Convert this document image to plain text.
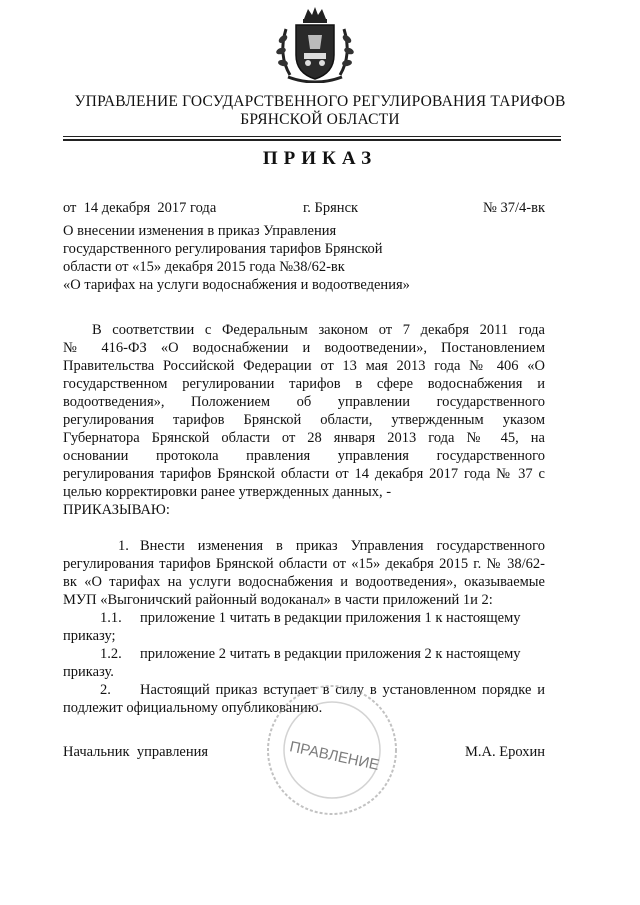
УПРАВЛЕНИЕ ГОСУДАРСТВЕННОГО РЕГУЛИРОВАНИЯ ТАРИФОВ
БРЯНСКОЙ ОБЛАСТИ
ПРИКАЗ
от  14 декабря  2017 года	г. Брянск	№ 37/4-вк
О внесении изменения в приказ Управления
государственного регулирования тарифов Брянской
области от «15» декабря 2015 года №38/62-вк
«О тарифах на услуги водоснабжения и водоотведения»
В соответствии с Федеральным законом от 7 декабря 2011 года
№ 416-ФЗ «О водоснабжении и водоотведении», Постановлением
Правительства Российской Федерации от 13 мая 2013 года № 406 «О
государственном регулировании тарифов в сфере водоснабжения и
водоотведения», Положением об управлении государственного
регулирования тарифов Брянской области, утвержденным указом
Губернатора Брянской области от 28 января 2013 года № 45, на
основании протокола правления управления государственного
регулирования тарифов Брянской области от 14 декабря 2017 года № 37 с
целью корректировки ранее утвержденных данных, -
ПРИКАЗЫВАЮ:
1. Внести изменения в приказ Управления государственного
регулирования тарифов Брянской области от «15» декабря 2015 г. № 38/62-
вк «О тарифах на услуги водоснабжения и водоотведения», оказываемые
МУП «Выгоничский районный водоканал» в части приложений 1и 2:
1.1.	приложение 1 читать в редакции приложения 1 к настоящему
приказу;
1.2.	приложение 2 читать в редакции приложения 2 к настоящему
приказу.
2.	Настоящий приказ вступает в силу в установленном порядке и
подлежит официальному опубликованию.
ПРАВЛЕНИЕ
Начальник  управления	М.А. Ерохин
